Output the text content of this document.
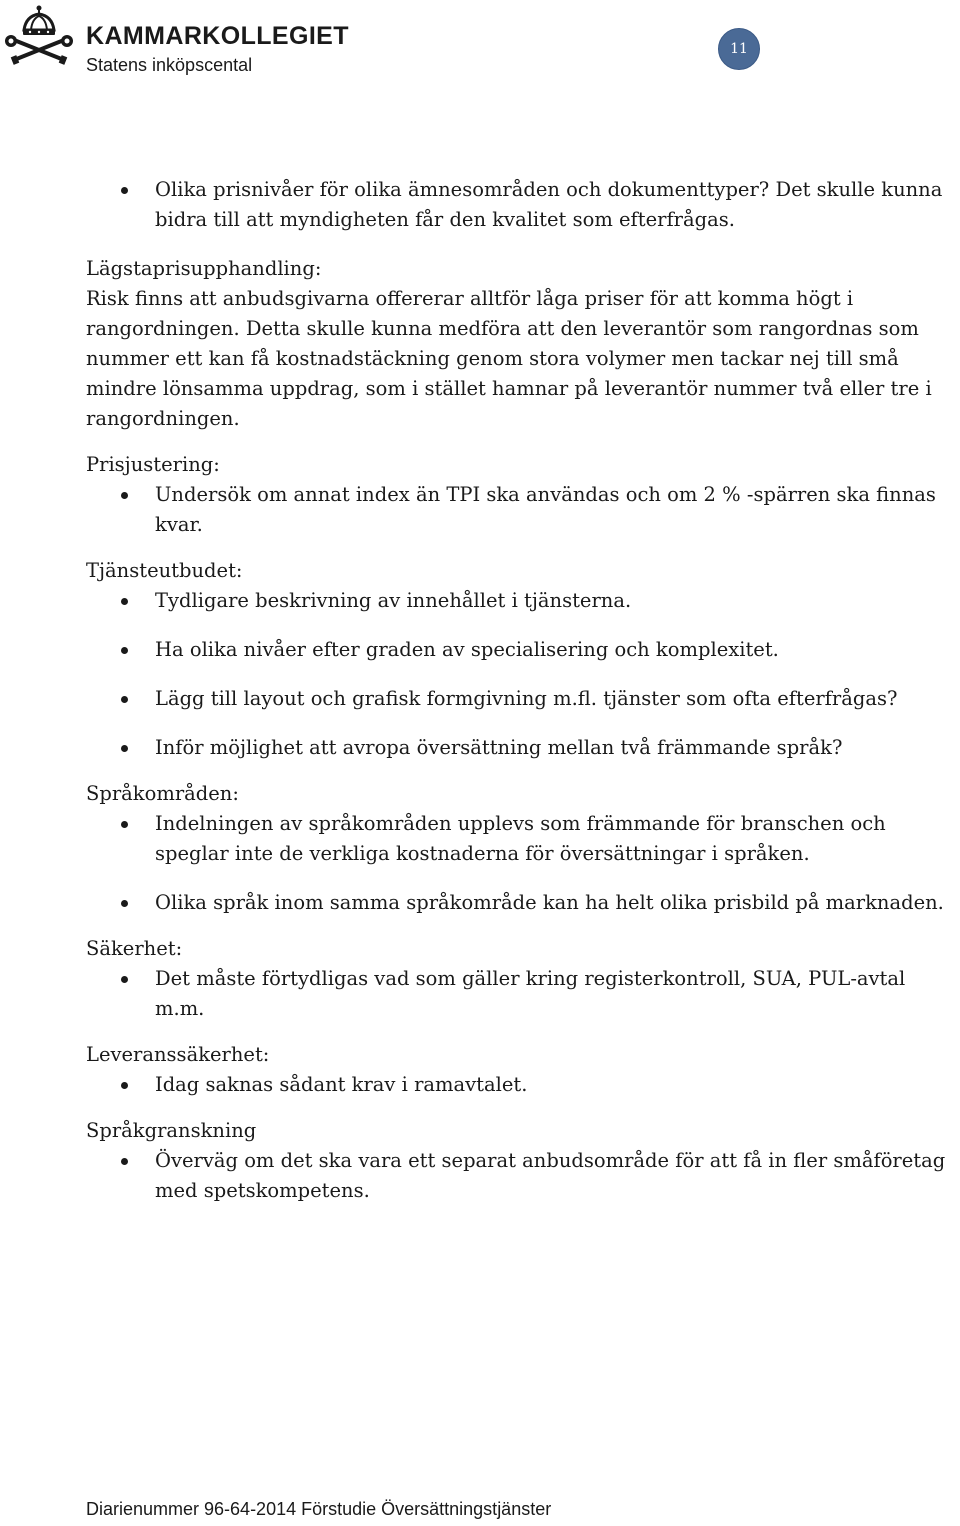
KAMMARKOLLEGIET
Statens inköpscental
11
Olika prisnivåer för olika ämnesområden och dokumenttyper? Det skulle kunna bidra till att myndigheten får den kvalitet som efterfrågas.

Lägstaprisupphandling:

Risk finns att anbudsgivarna offererar alltför låga priser för att komma högt i rangordningen. Detta skulle kunna medföra att den leverantör som rangordnas som nummer ett kan få kostnadstäckning genom stora volymer men tackar nej till små mindre lönsamma uppdrag, som i stället hamnar på leverantör nummer två eller tre i rangordningen.

Prisjustering:

Undersök om annat index än TPI ska användas och om 2 % -spärren ska finnas kvar.

Tjänsteutbudet:

Tydligare beskrivning av innehållet i tjänsterna.
Ha olika nivåer efter graden av specialisering och komplexitet.
Lägg till layout och grafisk formgivning m.fl. tjänster som ofta efterfrågas?
Inför möjlighet att avropa översättning mellan två främmande språk?

Språkområden:

Indelningen av språkområden upplevs som främmande för branschen och speglar inte de verkliga kostnaderna för översättningar i språken.
Olika språk inom samma språkområde kan ha helt olika prisbild på marknaden.

Säkerhet:

Det måste förtydligas vad som gäller kring registerkontroll, SUA, PUL-avtal m.m.

Leveranssäkerhet:

Idag saknas sådant krav i ramavtalet.

Språkgranskning

Överväg om det ska vara ett separat anbudsområde för att få in fler småföretag med spetskompetens.
Diarienummer 96-64-2014 Förstudie Översättningstjänster
